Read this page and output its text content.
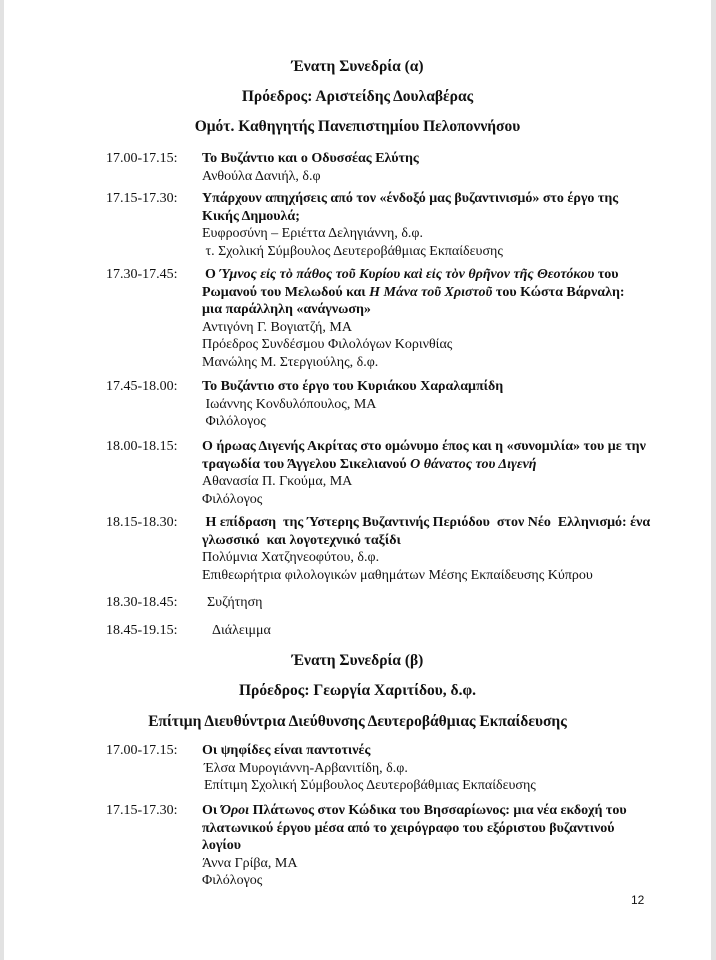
Ένατη Συνεδρία (α)
Πρόεδρος: Αριστείδης Δουλαβέρας
Ομότ. Καθηγητής Πανεπιστημίου Πελοποννήσου
17.00-17.15: Το Βυζάντιο και ο Οδυσσέας Ελύτης
Ανθούλα Δανιήλ, δ.φ
17.15-17.30: Υπάρχουν απηχήσεις από τον «ένδοξό μας βυζαντινισμό» στο έργο της
Κικής Δημουλά;
Ευφροσύνη – Εριέττα Δεληγιάννη, δ.φ.
τ. Σχολική Σύμβουλος Δευτεροβάθμιας Εκπαίδευσης
17.30-17.45: Ο Ύμνος εἰς τὸ πάθος τοῦ Κυρίου καὶ εἰς τὸν θρῆνον τῆς Θεοτόκου του
Ρωμανού του Μελωδού και Η Μάνα τοῦ Χριστοῦ του Κώστα Βάρναλη:
μια παράλληλη «ανάγνωση»
Αντιγόνη Γ. Βογιατζή, ΜΑ
Πρόεδρος Συνδέσμου Φιλολόγων Κορινθίας
Μανώλης Μ. Στεργιούλης, δ.φ.
17.45-18.00: Το Βυζάντιο στο έργο του Κυριάκου Χαραλαμπίδη
Ιωάννης Κονδυλόπουλος, ΜΑ
Φιλόλογος
18.00-18.15: Ο ήρωας Διγενής Ακρίτας στο ομώνυμο έπος και η «συνομιλία» του με την
τραγωδία του Άγγελου Σικελιανού Ο θάνατος του Διγενή
Αθανασία Π. Γκούμα, ΜΑ
Φιλόλογος
18.15-18.30: Η επίδραση  της Ύστερης Βυζαντινής Περιόδου  στον Νέο  Ελληνισμό: ένα
γλωσσικό  και λογοτεχνικό ταξίδι
Πολύμνια Χατζηνεοφύτου, δ.φ.
Επιθεωρήτρια φιλολογικών μαθημάτων Μέσης Εκπαίδευσης Κύπρου
18.30-18.45: Συζήτηση
18.45-19.15: Διάλειμμα
Ένατη Συνεδρία (β)
Πρόεδρος: Γεωργία Χαριτίδου, δ.φ.
Επίτιμη Διευθύντρια Διεύθυνσης Δευτεροβάθμιας Εκπαίδευσης
17.00-17.15: Οι ψηφίδες είναι παντοτινές
Έλσα Μυρογιάννη-Αρβανιτίδη, δ.φ.
Επίτιμη Σχολική Σύμβουλος Δευτεροβάθμιας Εκπαίδευσης
17.15-17.30: Οι Όροι Πλάτωνος στον Κώδικα του Βησσαρίωνος: μια νέα εκδοχή του
πλατωνικού έργου μέσα από το χειρόγραφο του εξόριστου βυζαντινού
λογίου
Άννα Γρίβα, ΜΑ
Φιλόλογος
12
